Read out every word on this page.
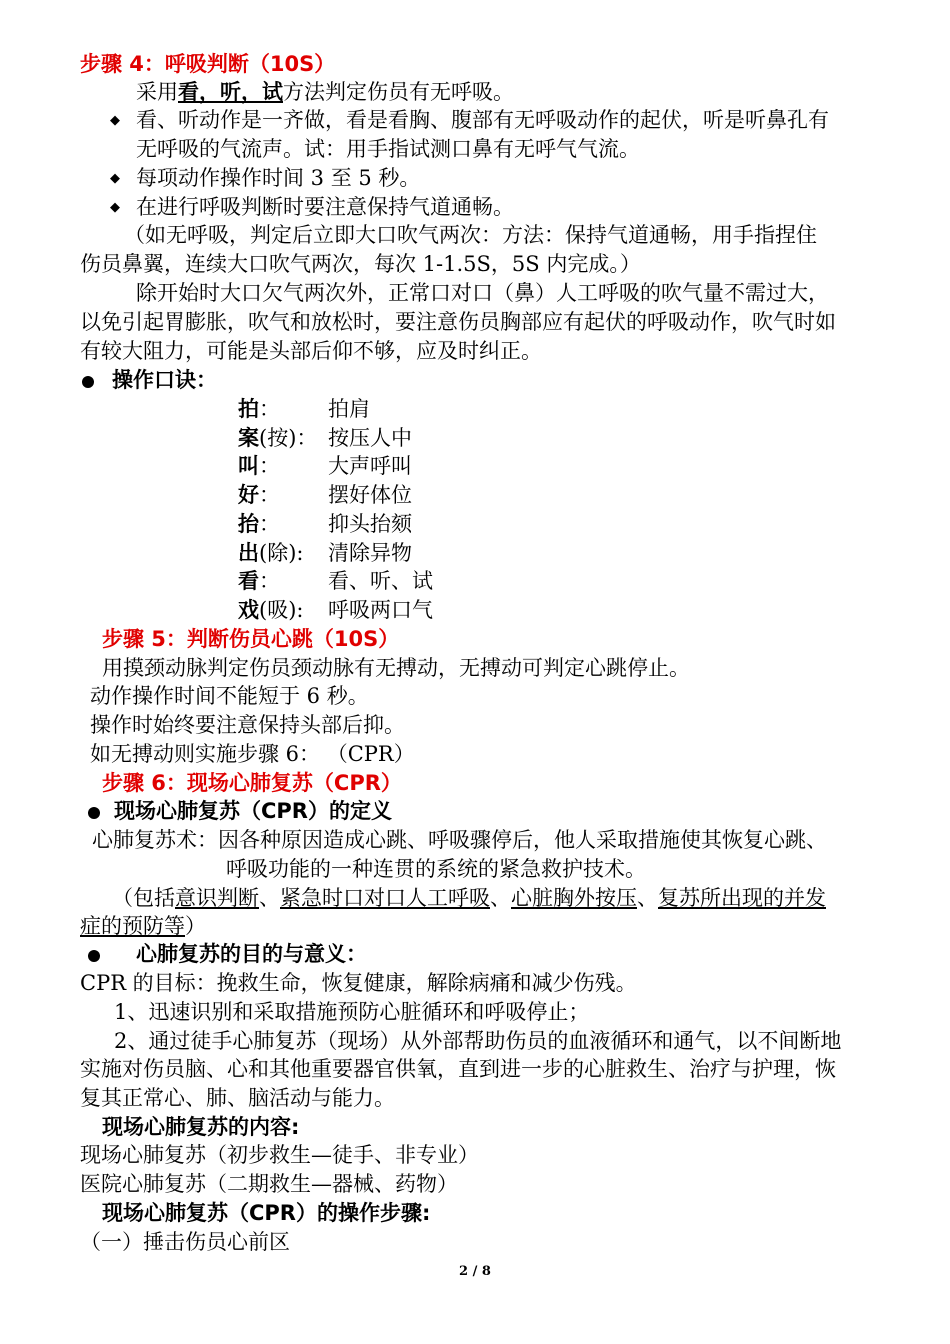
步骤 4：呼吸判断（10S）
采用看，听，试方法判定伤员有无呼吸。
◆ 看、听动作是一齐做，看是看胸、腹部有无呼吸动作的起伏，听是听鼻孔有
无呼吸的气流声。试：用手指试测口鼻有无呼气气流。
◆ 每项动作操作时间 3 至 5 秒。
◆ 在进行呼吸判断时要注意保持气道通畅。
（如无呼吸，判定后立即大口吹气两次：方法：保持气道通畅，用手指捏住
伤员鼻翼，连续大口吹气两次，每次 1-1.5S，5S 内完成。）
除开始时大口欠气两次外，正常口对口（鼻）人工呼吸的吹气量不需过大，
以免引起胃膨胀，吹气和放松时，要注意伤员胸部应有起伏的呼吸动作，吹气时如
有较大阻力，可能是头部后仰不够，应及时纠正。
操作口诀：
拍： 拍肩
案(按)： 按压人中
叫： 大声呼叫
好： 摆好体位
抬： 抑头抬颏
出(除): 清除异物
看： 看、听、试
戏(吸): 呼吸两口气
步骤 5：判断伤员心跳（10S）
用摸颈动脉判定伤员颈动脉有无搏动，无搏动可判定心跳停止。
动作操作时间不能短于 6 秒。
操作时始终要注意保持头部后抑。
如无搏动则实施步骤 6： （CPR）
步骤 6：现场心肺复苏（CPR）
现场心肺复苏（CPR）的定义
心肺复苏术：因各种原因造成心跳、呼吸骤停后，他人采取措施使其恢复心跳、
呼吸功能的一种连贯的系统的紧急救护技术。
（包括意识判断、紧急时口对口人工呼吸、心脏胸外按压、复苏所出现的并发
症的预防等）
心肺复苏的目的与意义：
CPR 的目标：挽救生命，恢复健康，解除病痛和减少伤残。
1、迅速识别和采取措施预防心脏循环和呼吸停止；
2、通过徒手心肺复苏（现场）从外部帮助伤员的血液循环和通气，以不间断地
实施对伤员脑、心和其他重要器官供氧，直到进一步的心脏救生、治疗与护理，恢
复其正常心、肺、脑活动与能力。
现场心肺复苏的内容:
现场心肺复苏（初步救生—徒手、非专业）
医院心肺复苏（二期救生—器械、药物）
现场心肺复苏（CPR）的操作步骤:
（一）捶击伤员心前区
2 / 8
